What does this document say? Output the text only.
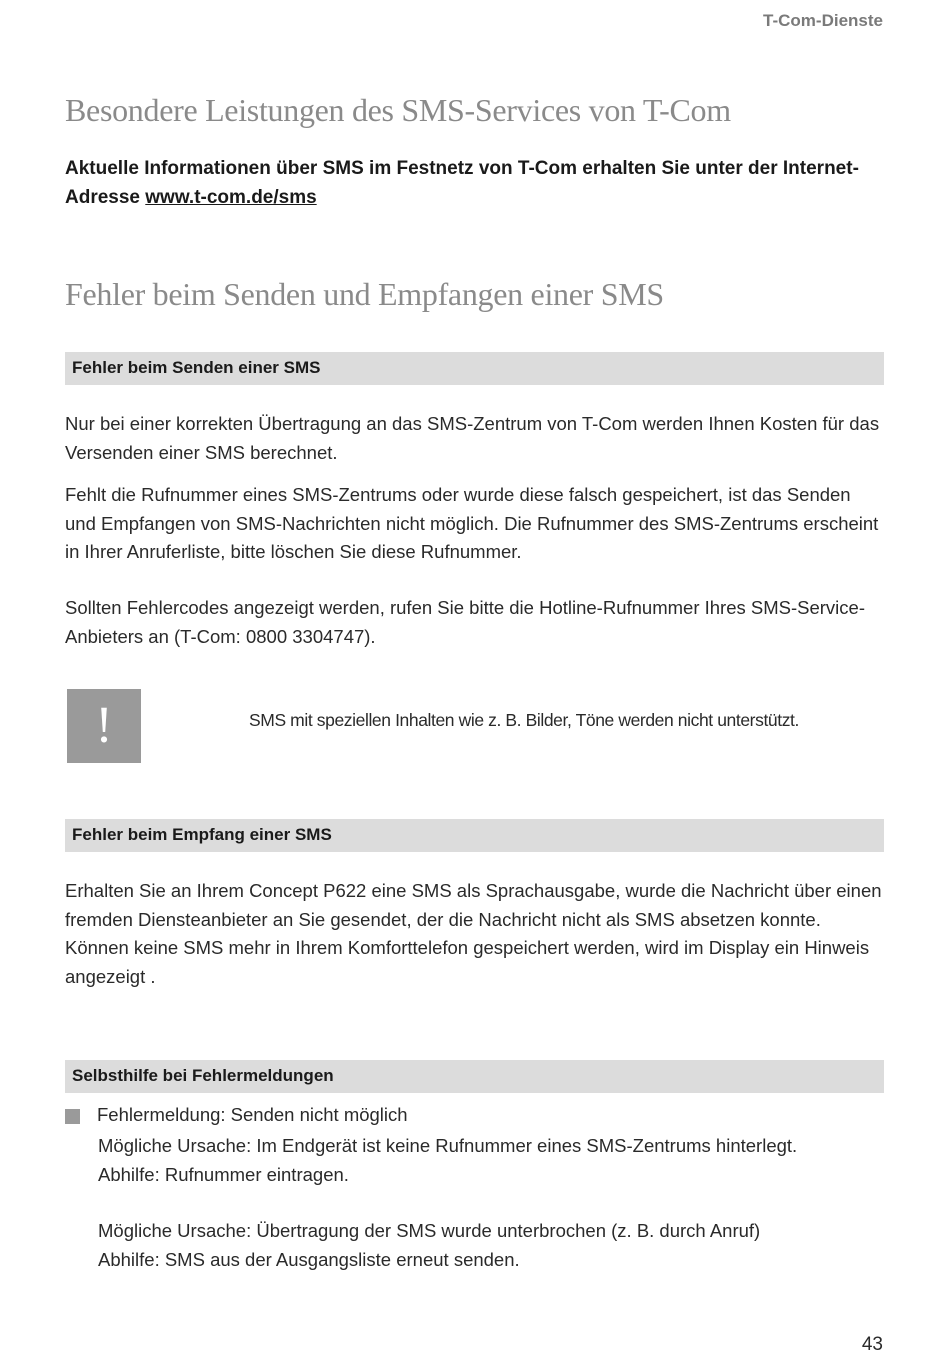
T-Com-Dienste
Besondere Leistungen des SMS-Services von T-Com
Aktuelle Informationen über SMS im Festnetz von T-Com erhalten Sie unter der Internet-Adresse www.t-com.de/sms
Fehler beim Senden und Empfangen einer SMS
Fehler beim Senden einer SMS
Nur bei einer korrekten Übertragung an das SMS-Zentrum von T-Com werden Ihnen Kosten für das Versenden einer SMS berechnet.
Fehlt die Rufnummer eines SMS-Zentrums oder wurde diese falsch gespeichert, ist das Senden und Empfangen von SMS-Nachrichten nicht möglich. Die Rufnummer des SMS-Zentrums erscheint in Ihrer Anruferliste, bitte löschen Sie diese Rufnummer.
Sollten Fehlercodes angezeigt werden, rufen Sie bitte die Hotline-Rufnummer Ihres SMS-Service-Anbieters an (T-Com: 0800 3304747).
!	SMS mit speziellen Inhalten wie z. B. Bilder, Töne werden nicht unterstützt.
Fehler beim Empfang einer SMS
Erhalten Sie an Ihrem Concept P622 eine SMS als Sprachausgabe, wurde die Nachricht über einen fremden Diensteanbieter an Sie gesendet, der die Nachricht nicht als SMS absetzen konnte. Können keine SMS mehr in Ihrem Komforttelefon gespeichert werden, wird im Display ein Hinweis angezeigt .
Selbsthilfe bei Fehlermeldungen
Fehlermeldung: Senden nicht möglich
Mögliche Ursache: Im Endgerät ist keine Rufnummer eines SMS-Zentrums hinterlegt.
Abhilfe: Rufnummer eintragen.
Mögliche Ursache: Übertragung der SMS wurde unterbrochen (z. B. durch Anruf)
Abhilfe: SMS aus der Ausgangsliste erneut senden.
43
